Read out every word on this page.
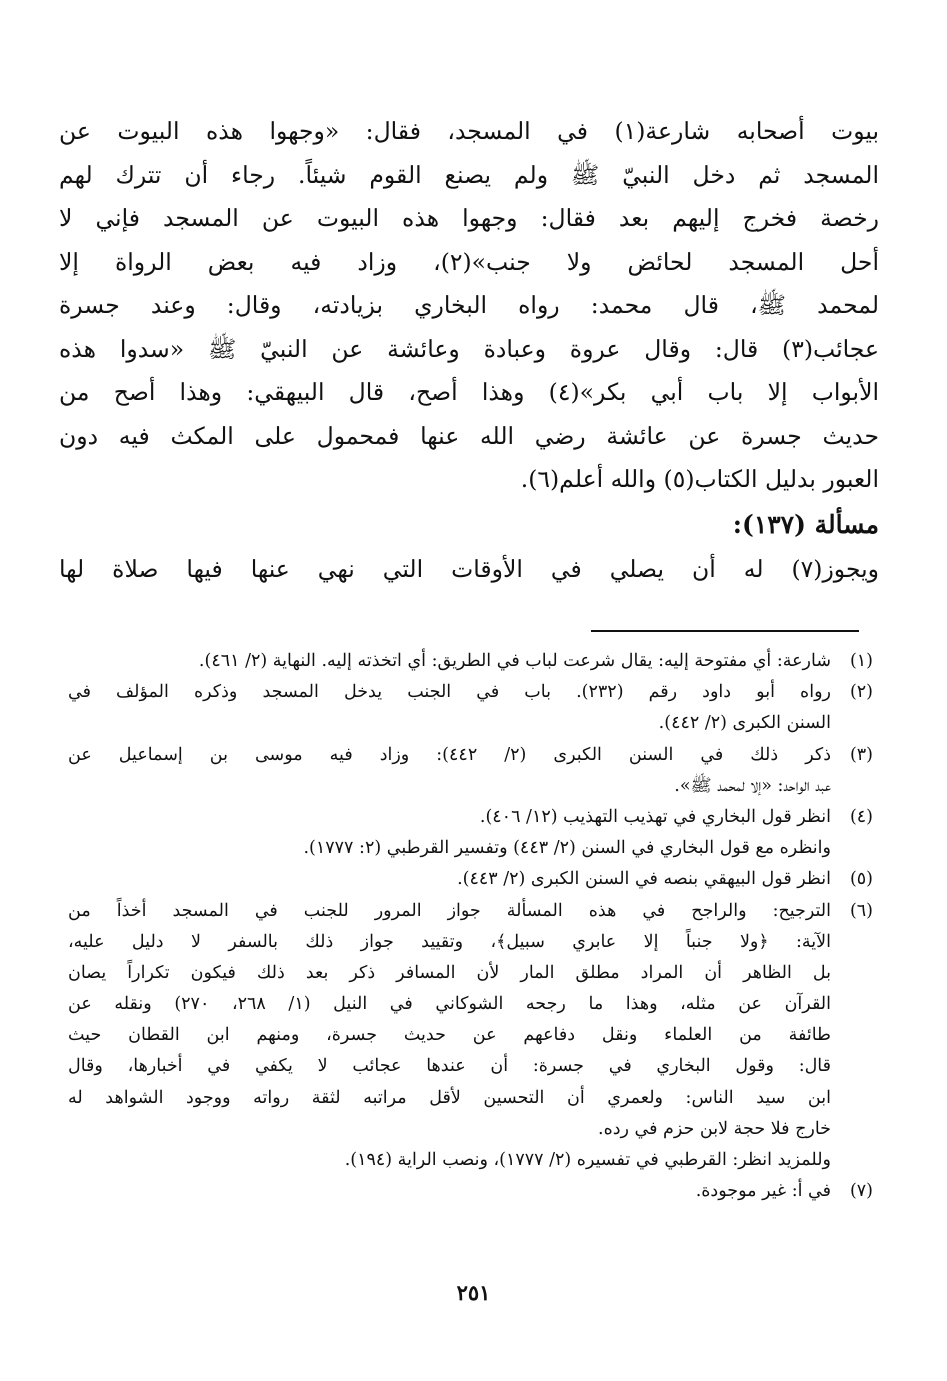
بيوت أصحابه شارعة(١) في المسجد، فقال: «وجهوا هذه البيوت عن
المسجد ثم دخل النبيّ ﷺ ولم يصنع القوم شيئاً. رجاء أن تترك لهم
رخصة فخرج إليهم بعد فقال: وجهوا هذه البيوت عن المسجد فإني لا
أحل المسجد لحائض ولا جنب»(٢)، وزاد فيه بعض الرواة إلا
لمحمد ﷺ، قال محمد: رواه البخاري بزيادته، وقال: وعند جسرة
عجائب(٣) قال: وقال عروة وعبادة وعائشة عن النبيّ ﷺ «سدوا هذه
الأبواب إلا باب أبي بكر»(٤) وهذا أصح، قال البيهقي: وهذا أصح من
حديث جسرة عن عائشة رضي الله عنها فمحمول على المكث فيه دون
العبور بدليل الكتاب(٥) والله أعلم(٦).
مسألة (١٣٧):
ويجوز(٧) له أن يصلي في الأوقات التي نهي عنها فيها صلاة لها
(١)
شارعة: أي مفتوحة إليه: يقال شرعت لباب في الطريق: أي اتخذته إليه. النهاية (٢/ ٤٦١).
(٢)
رواه أبو داود رقم (٢٣٢). باب في الجنب يدخل المسجد وذكره المؤلف في
السنن الكبرى (٢/ ٤٤٢).
(٣)
ذكر ذلك في السنن الكبرى (٢/ ٤٤٢): وزاد فيه موسى بن إسماعيل عن
عبد الواحد: «إلا لمحمد ﷺ».
(٤)
انظر قول البخاري في تهذيب التهذيب (١٢/ ٤٠٦).
وانظره مع قول البخاري في السنن (٢/ ٤٤٣) وتفسير القرطبي (٢: ١٧٧٧).
(٥)
انظر قول البيهقي بنصه في السنن الكبرى (٢/ ٤٤٣).
(٦)
الترجيح: والراجح في هذه المسألة جواز المرور للجنب في المسجد أخذاً من
الآية: ﴿ولا جنباً إلا عابري سبيل﴾، وتقييد جواز ذلك بالسفر لا دليل عليه،
بل الظاهر أن المراد مطلق المار لأن المسافر ذكر بعد ذلك فيكون تكراراً يصان
القرآن عن مثله، وهذا ما رجحه الشوكاني في النيل (١/ ٢٦٨، ٢٧٠) ونقله عن
طائفة من العلماء ونقل دفاعهم عن حديث جسرة، ومنهم ابن القطان حيث
قال: وقول البخاري في جسرة: أن عندها عجائب لا يكفي في أخبارها، وقال
ابن سيد الناس: ولعمري أن التحسين لأقل مراتبه لثقة رواته ووجود الشواهد له
خارج فلا حجة لابن حزم في رده.
وللمزيد انظر: القرطبي في تفسيره (٢/ ١٧٧٧)، ونصب الراية (١٩٤).
(٧)
في أ: غير موجودة.
٢٥١
